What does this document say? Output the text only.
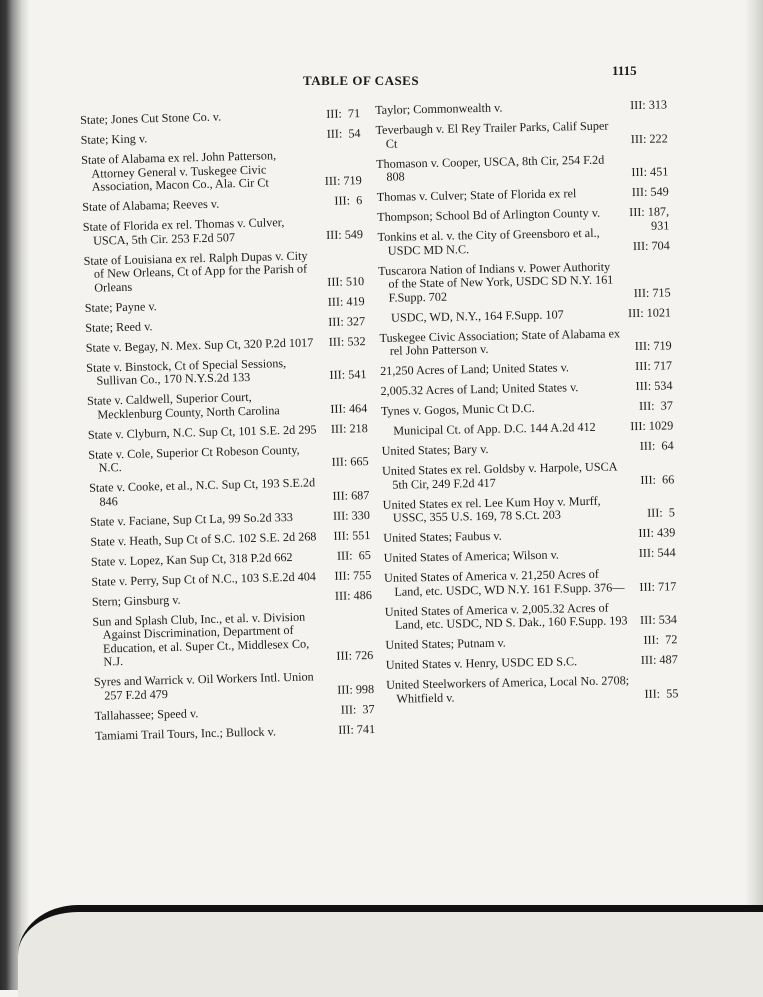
TABLE OF CASES
1115
State; Jones Cut Stone Co. v.	III:  71
State; King v.	III:  54
State of Alabama ex rel. John Patterson, Attorney General v. Tuskegee Civic Association, Macon Co., Ala. Cir Ct	III: 719
State of Alabama; Reeves v.	III:  6
State of Florida ex rel. Thomas v. Culver, USCA, 5th Cir. 253 F.2d 507	III: 549
State of Louisiana ex rel. Ralph Dupas v. City of New Orleans, Ct of App for the Parish of Orleans	III: 510
State; Payne v.	III: 419
State; Reed v.	III: 327
State v. Begay, N. Mex. Sup Ct, 320 P.2d 1017	III: 532
State v. Binstock, Ct of Special Sessions, Sullivan Co., 170 N.Y.S.2d 133	III: 541
State v. Caldwell, Superior Court, Mecklenburg County, North Carolina	III: 464
State v. Clyburn, N.C. Sup Ct, 101 S.E. 2d 295	III: 218
State v. Cole, Superior Ct Robeson County, N.C.	III: 665
State v. Cooke, et al., N.C. Sup Ct, 193 S.E.2d 846	III: 687
State v. Faciane, Sup Ct La, 99 So.2d 333	III: 330
State v. Heath, Sup Ct of S.C. 102 S.E. 2d 268	III: 551
State v. Lopez, Kan Sup Ct, 318 P.2d 662	III:  65
State v. Perry, Sup Ct of N.C., 103 S.E.2d 404	III: 755
Stern; Ginsburg v.	III: 486
Sun and Splash Club, Inc., et al. v. Division Against Discrimination, Department of Education, et al. Super Ct., Middlesex Co, N.J.	III: 726
Syres and Warrick v. Oil Workers Intl. Union 257 F.2d 479	III: 998
Tallahassee; Speed v.	III:  37
Tamiami Trail Tours, Inc.; Bullock v.	III: 741
Taylor; Commonwealth v.	III: 313
Teverbaugh v. El Rey Trailer Parks, Calif Super Ct	III: 222
Thomason v. Cooper, USCA, 8th Cir, 254 F.2d 808	III: 451
Thomas v. Culver; State of Florida ex rel	III: 549
Thompson; School Bd of Arlington County v.	III: 187,
931
Tonkins et al. v. the City of Greensboro et al., USDC MD N.C.	III: 704
Tuscarora Nation of Indians v. Power Authority of the State of New York, USDC SD N.Y. 161 F.Supp. 702	III: 715
USDC, WD, N.Y., 164 F.Supp. 107	III: 1021
Tuskegee Civic Association; State of Alabama ex rel John Patterson v.	III: 719
21,250 Acres of Land; United States v.	III: 717
2,005.32 Acres of Land; United States v.	III: 534
Tynes v. Gogos, Munic Ct D.C.	III:  37
Municipal Ct. of App. D.C. 144 A.2d 412	III: 1029
United States; Bary v.	III:  64
United States ex rel. Goldsby v. Harpole, USCA 5th Cir, 249 F.2d 417	III:  66
United States ex rel. Lee Kum Hoy v. Murff, USSC, 355 U.S. 169, 78 S.Ct. 203	III:  5
United States; Faubus v.	III: 439
United States of America; Wilson v.	III: 544
United States of America v. 21,250 Acres of Land, etc. USDC, WD N.Y. 161 F.Supp. 376—	III: 717
United States of America v. 2,005.32 Acres of Land, etc. USDC, ND S. Dak., 160 F.Supp. 193	III: 534
United States; Putnam v.	III:  72
United States v. Henry, USDC ED S.C.	III: 487
United Steelworkers of America, Local No. 2708; Whitfield v.	III:  55
